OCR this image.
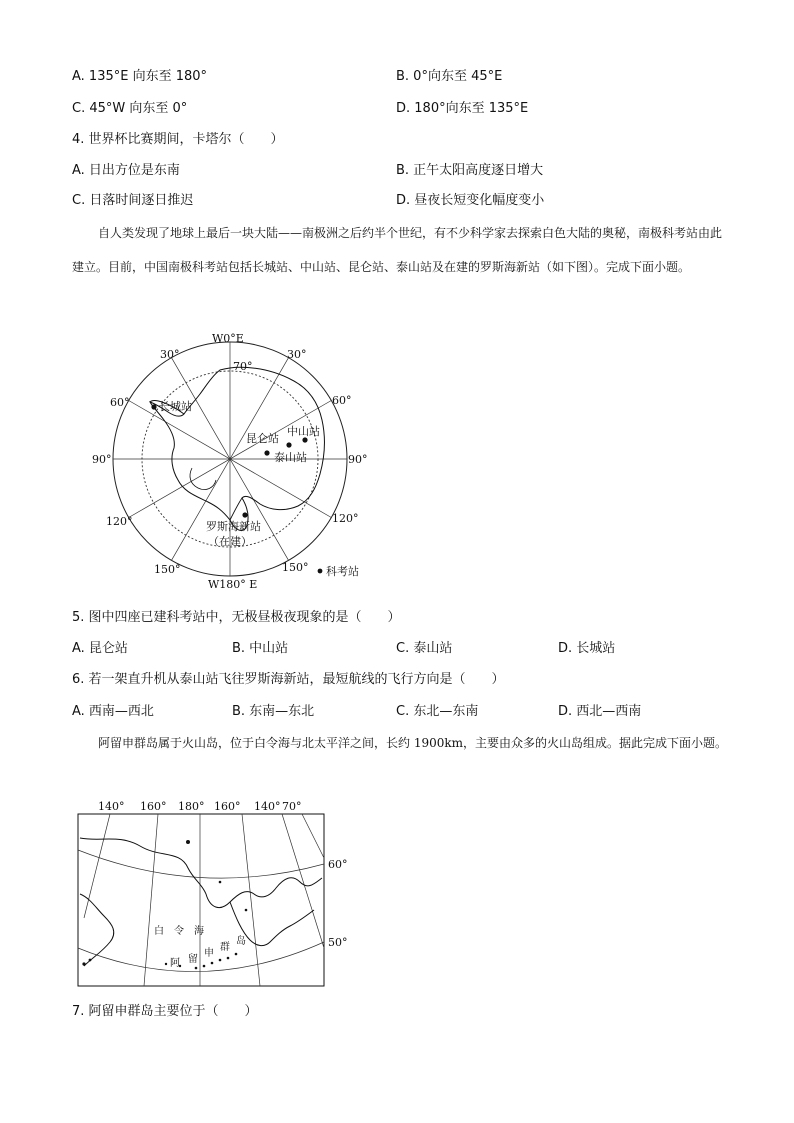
A. 135°E 向东至 180°	B. 0°向东至 45°E
C. 45°W 向东至 0°	D. 180°向东至 135°E
4. 世界杯比赛期间，卡塔尔（　　）
A. 日出方位是东南	B. 正午太阳高度逐日增大
C. 日落时间逐日推迟	D. 昼夜长短变化幅度变小
自人类发现了地球上最后一块大陆——南极洲之后约半个世纪，有不少科学家去探索白色大陆的奥秘，南极科考站由此建立。目前，中国南极科考站包括长城站、中山站、昆仑站、泰山站及在建的罗斯海新站（如下图）。完成下面小题。
W0°E
W180° E
70°
30°	30°
60°	60°
90°	90°
120°	120°
150°	150°
长城站
昆仑站
中山站
泰山站
罗斯海新站
（在建）
科考站
5. 图中四座已建科考站中，无极昼极夜现象的是（　　）
A. 昆仑站	B. 中山站	C. 泰山站	D. 长城站
6. 若一架直升机从泰山站飞往罗斯海新站，最短航线的飞行方向是（　　）
A. 西南—西北	B. 东南—东北	C. 东北—东南	D. 西北—西南
阿留申群岛属于火山岛，位于白令海与北太平洋之间，长约 1900km，主要由众多的火山岛组成。据此完成下面小题。
140° 160° 180° 160° 140° 70°
60°
50°
白 令 海
阿 留
申
群
岛
7. 阿留申群岛主要位于（　　）
